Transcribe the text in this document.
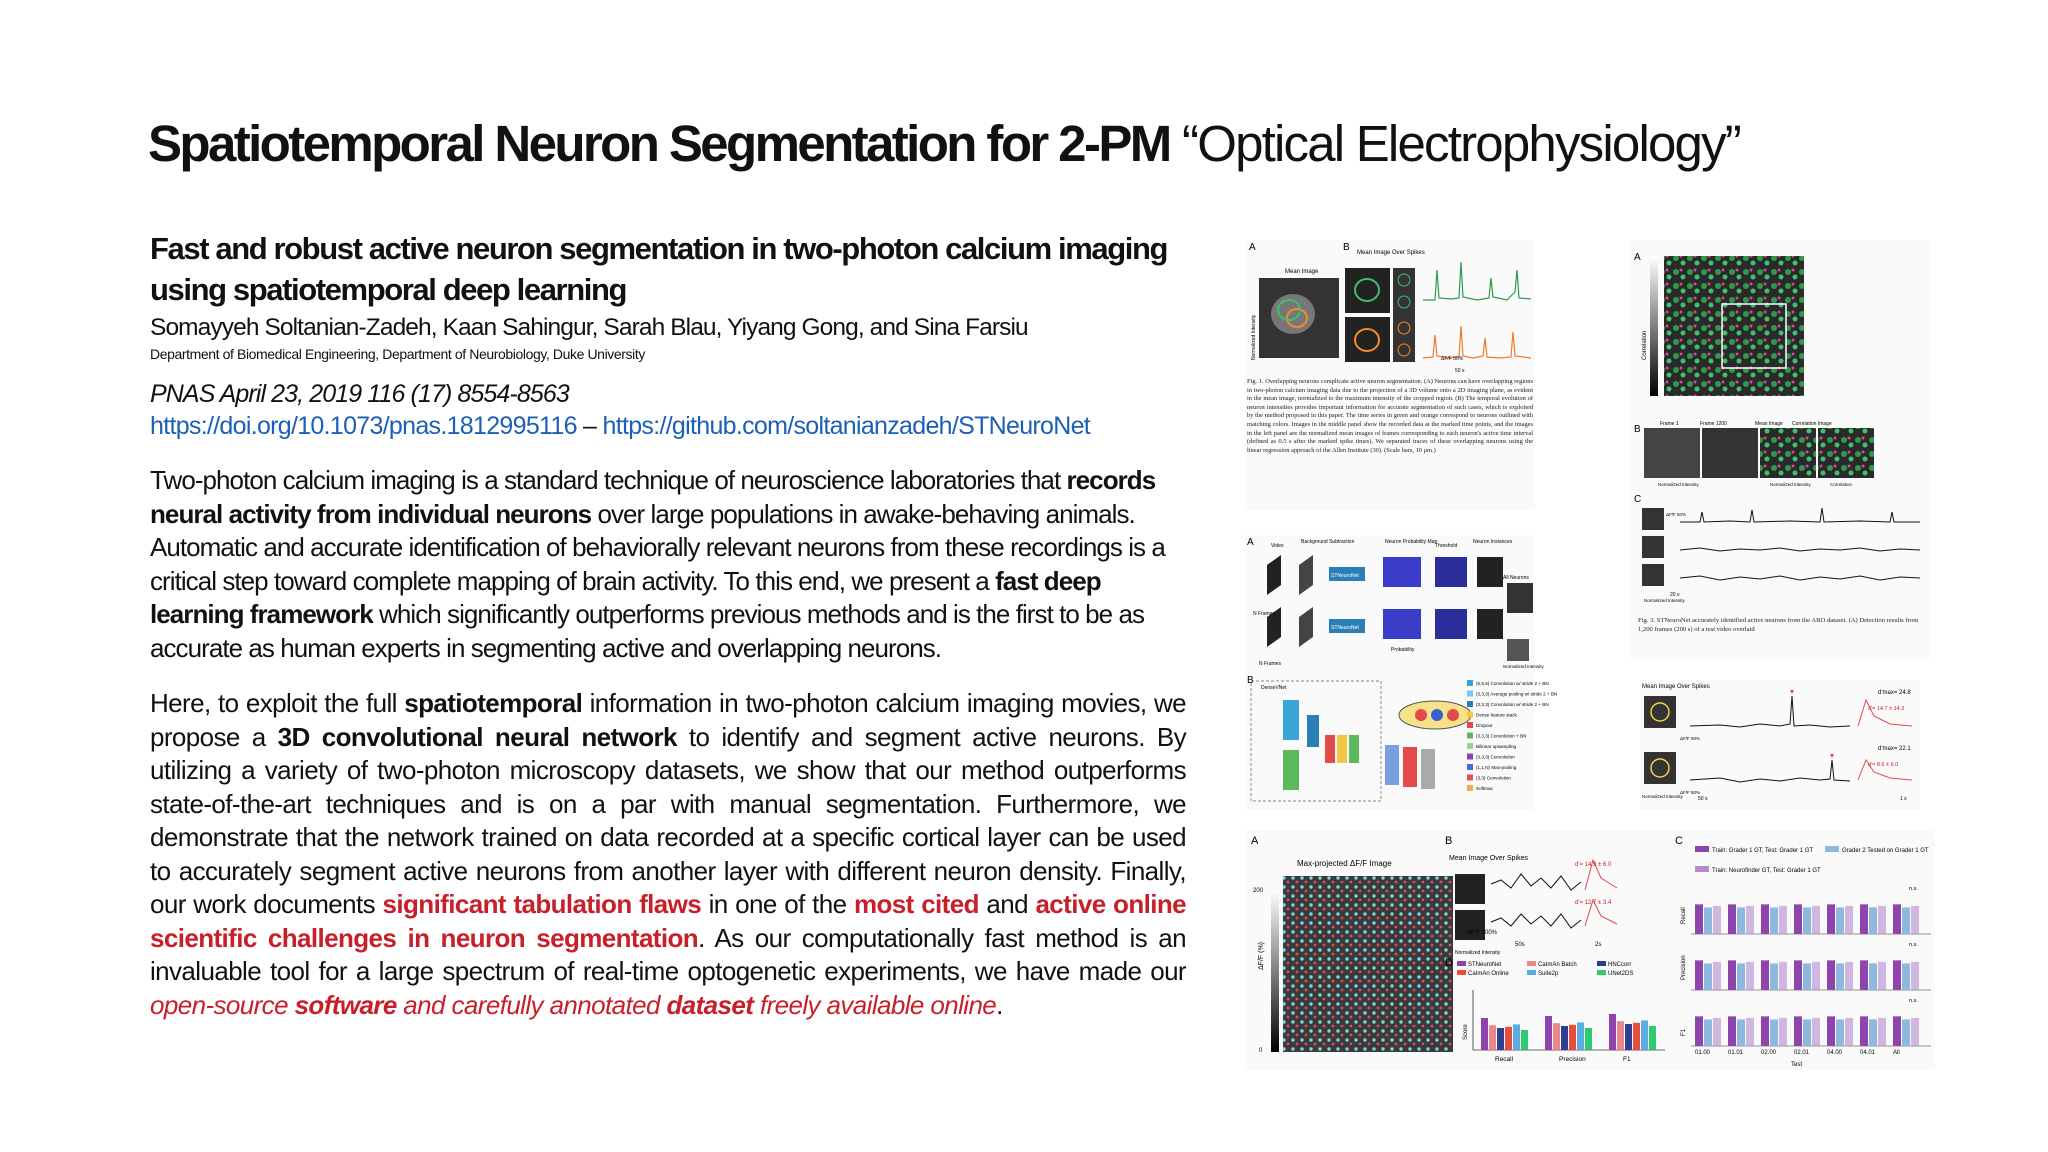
Spatiotemporal Neuron Segmentation for 2-PM “Optical Electrophysiology”
Fast and robust active neuron segmentation in two-photon calcium imaging using spatiotemporal deep learning
Somayyeh Soltanian-Zadeh, Kaan Sahingur, Sarah Blau, Yiyang Gong, and Sina Farsiu
Department of Biomedical Engineering, Department of Neurobiology, Duke University
PNAS April 23, 2019 116 (17) 8554-8563
https://doi.org/10.1073/pnas.1812995116 – https://github.com/soltanianzadeh/STNeuroNet
Two-photon calcium imaging is a standard technique of neuroscience laboratories that records neural activity from individual neurons over large populations in awake-behaving animals. Automatic and accurate identification of behaviorally relevant neurons from these recordings is a critical step toward complete mapping of brain activity. To this end, we present a fast deep learning framework which significantly outperforms previous methods and is the first to be as accurate as human experts in segmenting active and overlapping neurons.
Here, to exploit the full spatiotemporal information in two-photon calcium imaging movies, we propose a 3D convolutional neural network to identify and segment active neurons. By utilizing a variety of two-photon microscopy datasets, we show that our method outperforms state-of-the-art techniques and is on a par with manual segmentation. Furthermore, we demonstrate that the network trained on data recorded at a specific cortical layer can be used to accurately segment active neurons from another layer with different neuron density. Finally, our work documents significant tabulation flaws in one of the most cited and active online scientific challenges in neuron segmentation. As our computationally fast method is an invaluable tool for a large spectrum of real-time optogenetic experiments, we have made our open-source software and carefully annotated dataset freely available online.
A	B
Mean Image
Mean Image Over Spikes
Normalized Intensity	ΔF/F 50%
50 s
Fig. 1. Overlapping neurons complicate active neuron segmentation. (A) Neurons can have overlapping regions in two-photon calcium imaging data due to the projection of a 3D volume onto a 2D imaging plane, as evident in the mean image, normalized to the maximum intensity of the cropped region. (B) The temporal evolution of neuron intensities provides important information for accurate segmentation of such cases, which is exploited by the method proposed in this paper. The time series in green and orange correspond to neurons outlined with matching colors. Images in the middle panel show the recorded data at the marked time points, and the images in the left panel are the normalized mean images of frames corresponding to each neuron's active time interval (defined as 0.5 s after the marked spike times). We separated traces of these overlapping neurons using the linear regression approach of the Allen Institute (30). (Scale bars, 10 μm.)
A	Video
Background Subtraction	Neuron Probability Map
Threshold
Neuron Instances
STNeuroNet
STNeuroNet
N Frames
N Frames
Probability
All Neurons
Normalized Intensity
B
DenseVNet
(5,5,5) Convolution w/ stride 2 + BN
(3,3,3) Average pooling w/ stride 2 + BN
(3,3,3) Convolution w/ stride 2 + BN
Dense feature stack
Dropout
(3,3,3) Convolution + BN
Bilinear upsampling
(3,3,3) Convolution
(1,1,N) Max-pooling
(3,3) Convolution
Softmax
A
Correlation
B	Frame 1	Frame 1200	Mean Image Correlation Image
Normalized Intensity	Normalized Intensity	Correlation
C
ΔF/F 50%
20 s
Normalized Intensity
Fig. 3. STNeuroNet accurately identified active neurons from the ABO dataset. (A) Detection results from 1,200 frames (200 s) of a test video overlaid
Mean Image Over Spikes
d'max= 24.8
d'max= 22.1
d'= 14.7 ± 14.3
d'= 8.6 ± 6.0
ΔF/F 50%
ΔF/F 50%
50 s	1 s
Normalized Intensity
A
Max-projected ΔF/F Image
ΔF/F (%)
200
0
B
Mean Image Over Spikes
d'= 14.9 ± 6.0
d'= 12.7 ± 3.4
ΔF/F 100%
50s	2s
Normalized Intensity
D	STNeuroNet	CaImAn Batch	HNCcorr
CaImAn Online	Suite2p	UNet2DS
Recall	Precision	F1
Score
C
Train: Grader 1 GT, Test: Grader 1 GT	Grader 2 Tested on Grader 1 GT
Train: Neurofinder GT, Test: Grader 1 GT
Recall
n.s.
Precision
n.s.
F1
01.00	01.01	02.00	02.01	04.00	04.01	All
n.s.
Test
